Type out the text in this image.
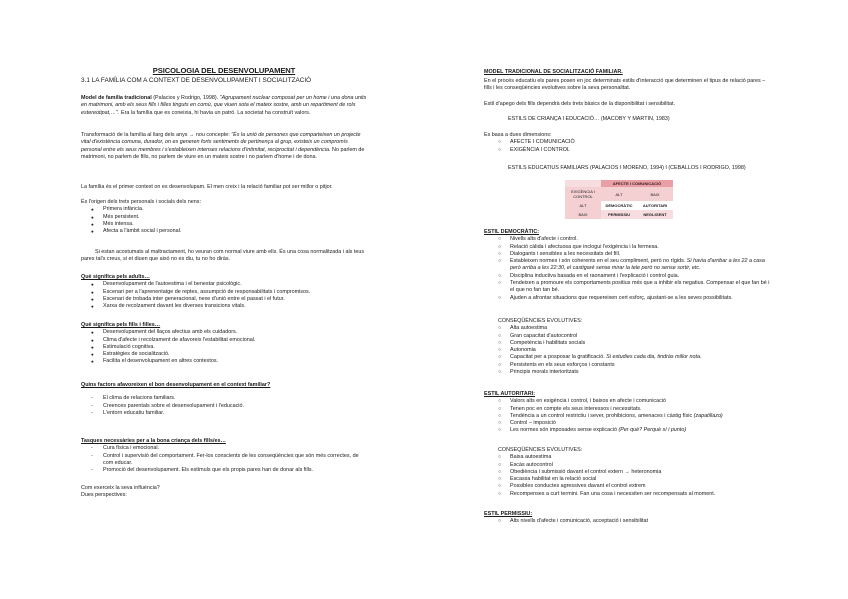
PSICOLOGIA DEL DESENVOLUPAMENT
3.1 LA FAMÍLIA COM A CONTEXT DE DESENVOLUPAMENT I SOCIALITZACIÓ

Model de família tradicional (Palacios y Rodrigo, 1998). "Agrupament nuclear composat per un home i una dona units en matrimoni, amb els seus fills i filles tinguts en comú, que viuen sota el mateix sostre, amb un repartiment de rols estereotipat,…". Era la família que es coneixia, hi havia un patró. La societat ha construït valors.

Transformació de la família al llarg dels anys → nou concepte: "És la unió de persones que comparteixen un projecte vital d'existència comuna, durador, on es generen forts sentiments de pertinença al grup, existeix un compromís personal entre els seus membres i s'estableixen intenses relacions d'intimitat, reciprocitat i dependència. No parlem de matrimoni, no parlem de fills, no parlem de viure en un mateix sostre i no parlem d'home i de dona.

La família és el primer context on es desenvolupam. El men creix i la relació familiar pot ser millor o pitjor.

És l'origen dels trets personals i socials dels nens:

● Primera infància.
● Més persistent.
● Més intensa.
● Afecta a l'àmbit social i personal.

Si estan acostumats al maltractament, ho veuran com normal viure amb ells. És una cosa normalitzada i als teus pares tal's creus, si et diuen que aixó no es diu, tu no ho diràs.

Què significa pels adults…

● Desenvolupament de l'autoestima i el benestar psicològic.
● Escenari per a l'aprenentatge de reptes, assumpció de responsabilitats i compromisos.
● Escenari de trobada inter generacional, nexe d'unió entre el passat i el futur.
● Xarxa de recolzament davant les diverses transicions vitals.

Què significa pels fills i filles…

● Desenvolupament del llaços afectius amb els cuidadors.
● Clima d'afecte i recolzament de afavoreix l'estabilitat emocional.
● Estimulació cognitiva.
● Estratègies de socialització.
● Facilita el desenvolupament en altres contextos.

Quins factors afavoreixen el bon desenvolupament en el context familiar?

- El clima de relacions familiars.
- Creences parentals sobre el desenvolupament i l'educació.
- L'entorn educatiu familiar.

Tasques necessàries per a la bona criança dels fills/es…

- Cura física i emocional.
- Control i supervisió del comportament. Fer-los conscients de les conseqüències que són més correctes, de com educar.
- Promoció del desenvolupament. Els estímuls que els propis pares han de donar als fills.

Com exerceix la seva influència?

Dues perspectives:

MODEL TRADICIONAL DE SOCIALITZACIÓ FAMILIAR.

En el procés educatiu els pares posen en joc determinats estils d'interacció que determinen el tipus de relació pares – fills i les conseqüències evolutives sobre la seva personalitat.

Estil d'apego dels fills dependrà dels trets bàsics de la disponibilitat i sensibilitat.

ESTILS DE CRIANÇA I EDUCACIÓ… (MACOBY Y MARTIN, 1983)

Es basa a dues dimensions:

○ AFECTE I COMUNICACIÓ
○ EXIGÈNCIA I CONTROL

ESTILS EDUCATIUS FAMILIARS (PALACIOS I MORENO, 1994) I (CEBALLOS I RODRIGO, 1998)

	AFECTE I COMUNICACIÓ	
EXIGÈNCIA I CONTROL	ALT	BAIX
ALT	DEMOCRÀTIC	AUTORITARI
BAIX	PERMISSIU	NEGLIGENT

ESTIL DEMOCRÀTIC:

○ Nivells alts d'afecte i control.
○ Relació cálida i afectuosa que inclogui l'exigència i la fermesa.
○ Dialogants i sensibles a les necessitats del fill.
○ Estableixen normes i són coherents en el seu compliment, però no rígids. Si havia d'arribar a les 22 a casa però arriba a les 22:30, el castigaré sense mirar la tele però no sense sortir, etc.
○ Disciplina inductiva basada en el raonament i l'explicació i control guia.
○ Tendeixen a promoure els comportaments positius més que a inhibir els negatius. Compensar el que fan bé i el que no fan tan bé.
○ Ajuden a afrontar situacions que requereixen cert esforç, ajustant-se a les seves possibilitats.

CONSEQÜÈNCIES EVOLUTIVES:

○ Alta autoestima
○ Gran capacitat d'autocontrol
○ Competència i habilitats socials
○ Autonomia
○ Capacitat per a posposar la gratificació. Si estudies cada dia, tindràs millor nota.
○ Persistents en els seus esforços i constants
○ Principis morals interioritzats

ESTIL AUTORITARI:

○ Valors alts en exigència i control, i baixos en afecte i comunicació
○ Tenen poc en compte els seus interessos i necessitats.
○ Tendència a un control restrictiu i sever, prohibicions, amenaces i càstig físic (zapatillazo)
○ Control – imposició
○ Les normes són imposades sense explicació (Per què? Perquè sí i punto)

CONSEQÜÈNCIES EVOLUTIVES:

○ Baixa autoestima
○ Escàs autocontrol
○ Obediència i submissió davant el control extern → heteronomia
○ Escassa habilitat en la relació social
○ Possibles conductes agressives davant el control extrem
○ Recompenses a curt termini. Fan una cosa i necessiten ser recompensats al moment.

ESTIL PERMISSIU:

○ Alts nivells d'afecte i comunicació, acceptació i sensibilitat
